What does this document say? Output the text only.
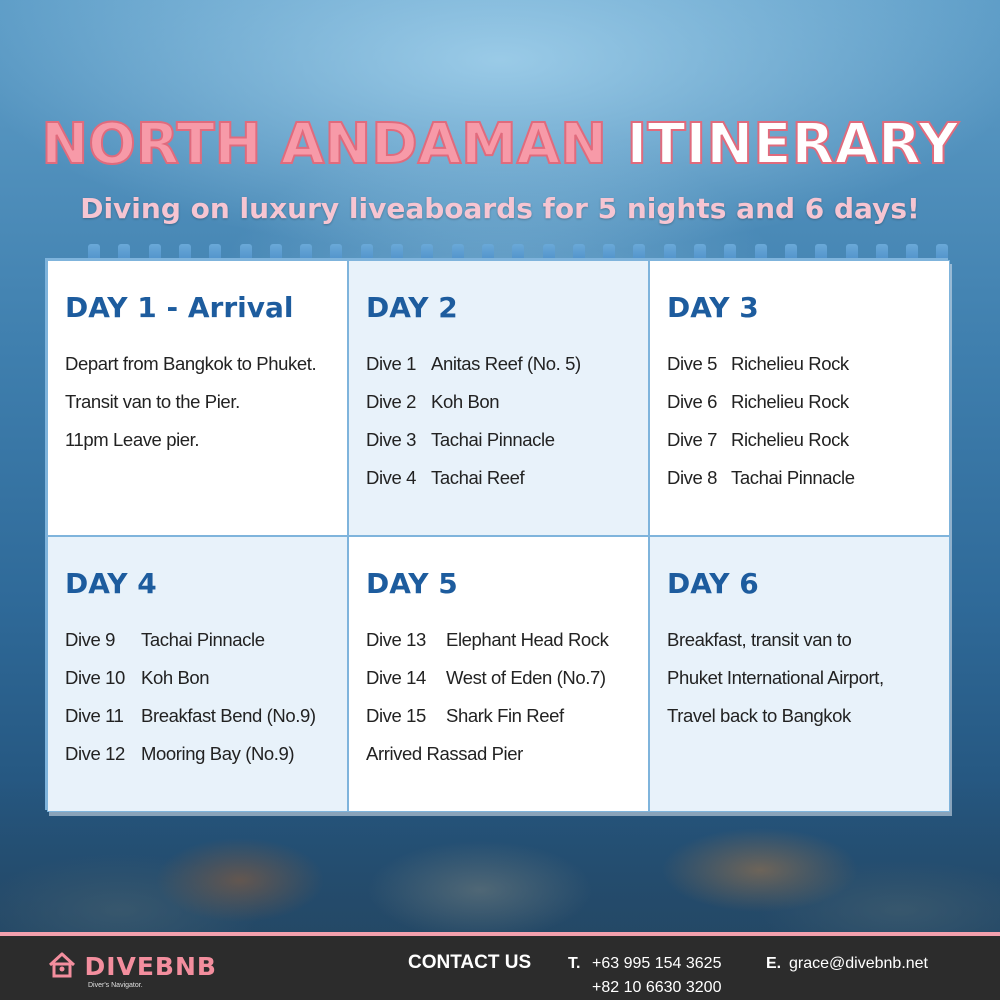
NORTH ANDAMAN ITINERARY
Diving on luxury liveaboards for 5 nights and 6 days!
DAY 1 - Arrival
Depart from Bangkok to Phuket.
Transit van to the Pier.
11pm Leave pier.
DAY 2
Dive 1 Anitas Reef (No. 5)
Dive 2 Koh Bon
Dive 3 Tachai Pinnacle
Dive 4 Tachai Reef
DAY 3
Dive 5 Richelieu Rock
Dive 6 Richelieu Rock
Dive 7 Richelieu Rock
Dive 8 Tachai Pinnacle
DAY 4
Dive 9 Tachai Pinnacle
Dive 10 Koh Bon
Dive 11 Breakfast Bend (No.9)
Dive 12 Mooring Bay (No.9)
DAY 5
Dive 13 Elephant Head Rock
Dive 14 West of Eden (No.7)
Dive 15 Shark Fin Reef
Arrived Rassad Pier
DAY 6
Breakfast, transit van to
Phuket International Airport,
Travel back to Bangkok
DIVEBNB
Diver's Navigator.
CONTACT US T. +63 995 154 3625
+82 10 6630 3200
E. grace@divebnb.net
